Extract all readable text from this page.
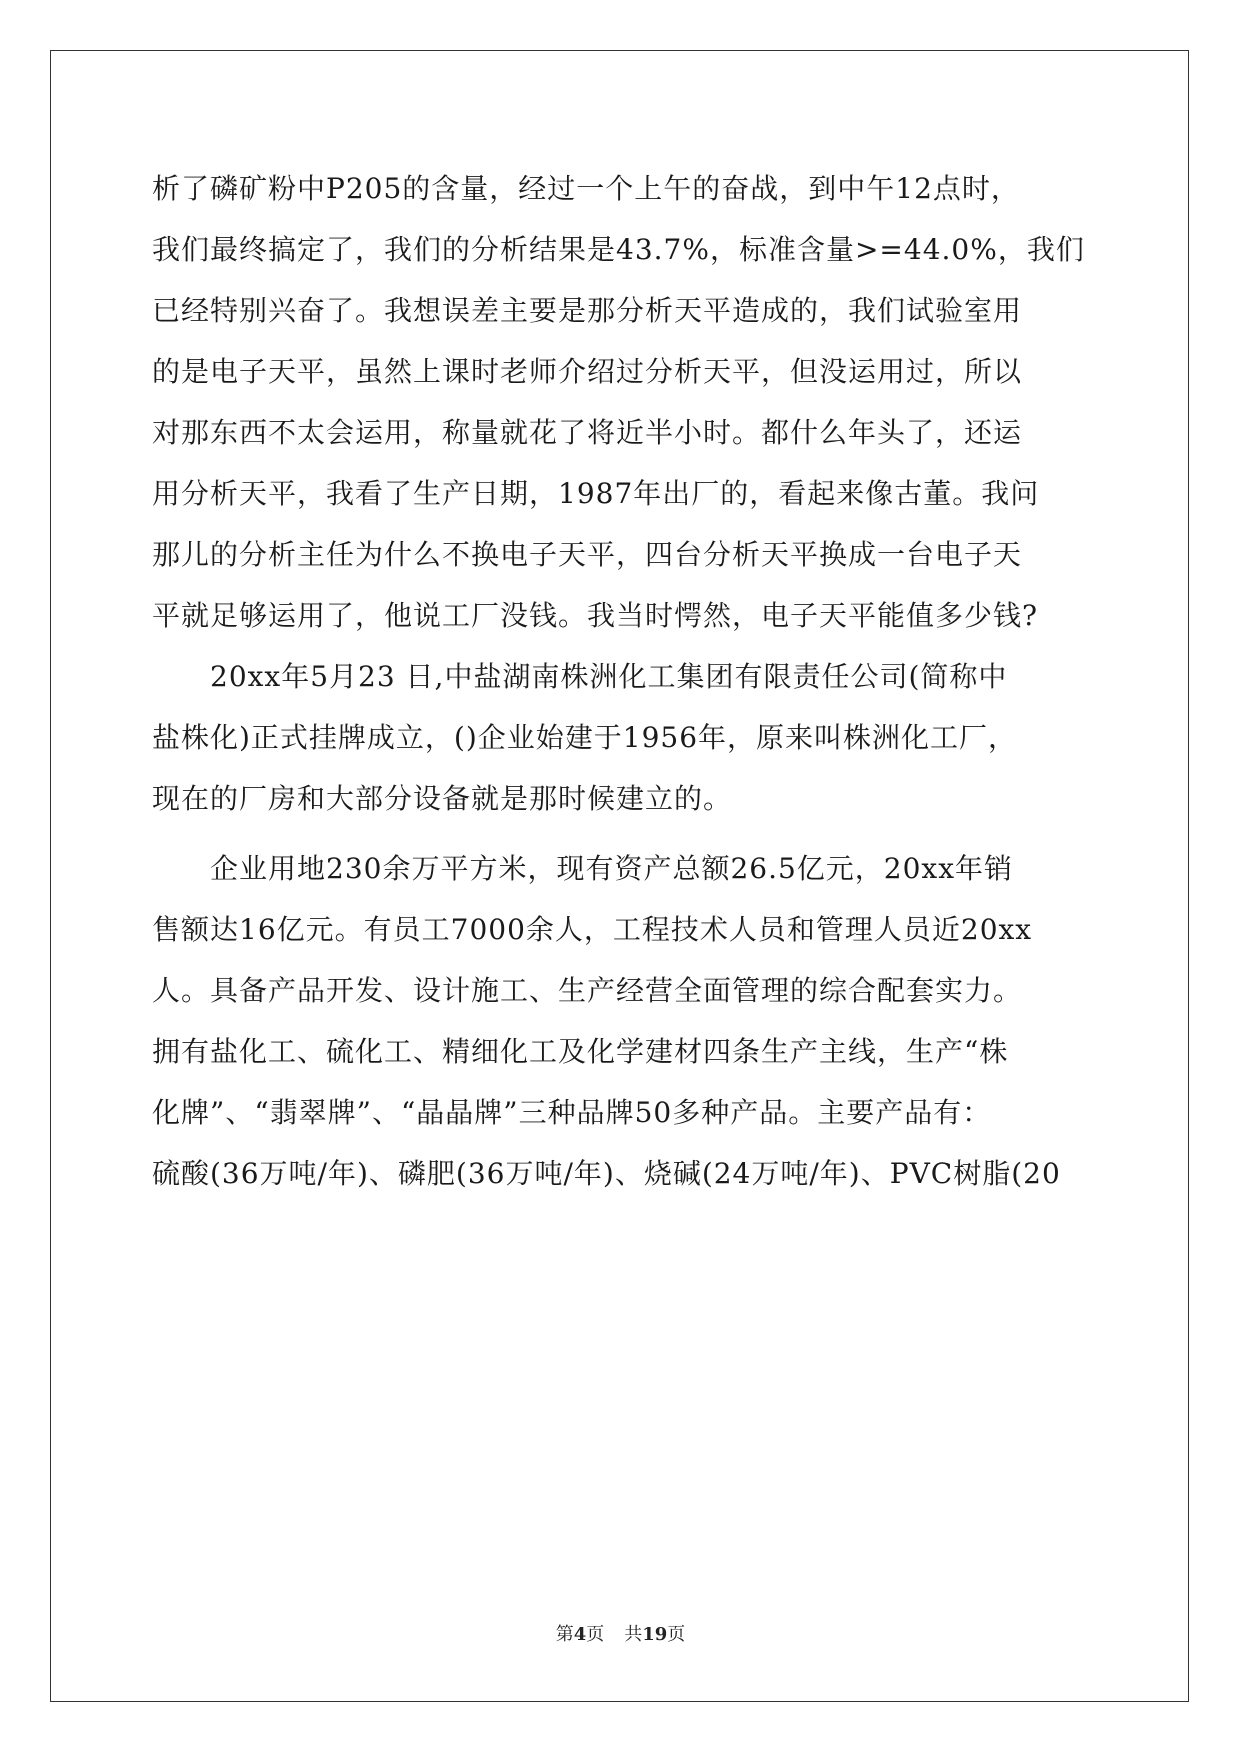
析了磷矿粉中P205的含量，经过一个上午的奋战，到中午12点时，
我们最终搞定了，我们的分析结果是43.7%，标准含量>=44.0%，我们
已经特别兴奋了。我想误差主要是那分析天平造成的，我们试验室用
的是电子天平，虽然上课时老师介绍过分析天平，但没运用过，所以
对那东西不太会运用，称量就花了将近半小时。都什么年头了，还运
用分析天平，我看了生产日期，1987年出厂的，看起来像古董。我问
那儿的分析主任为什么不换电子天平，四台分析天平换成一台电子天
平就足够运用了，他说工厂没钱。我当时愕然，电子天平能值多少钱?
　　20xx年5月23 日,中盐湖南株洲化工集团有限责任公司(简称中
盐株化)正式挂牌成立，()企业始建于1956年，原来叫株洲化工厂，
现在的厂房和大部分设备就是那时候建立的。
　　企业用地230余万平方米，现有资产总额26.5亿元，20xx年销
售额达16亿元。有员工7000余人，工程技术人员和管理人员近20xx
人。具备产品开发、设计施工、生产经营全面管理的综合配套实力。
拥有盐化工、硫化工、精细化工及化学建材四条生产主线，生产“株
化牌”、“翡翠牌”、“晶晶牌”三种品牌50多种产品。主要产品有：
硫酸(36万吨/年)、磷肥(36万吨/年)、烧碱(24万吨/年)、PVC树脂(20
第4页 共19页
